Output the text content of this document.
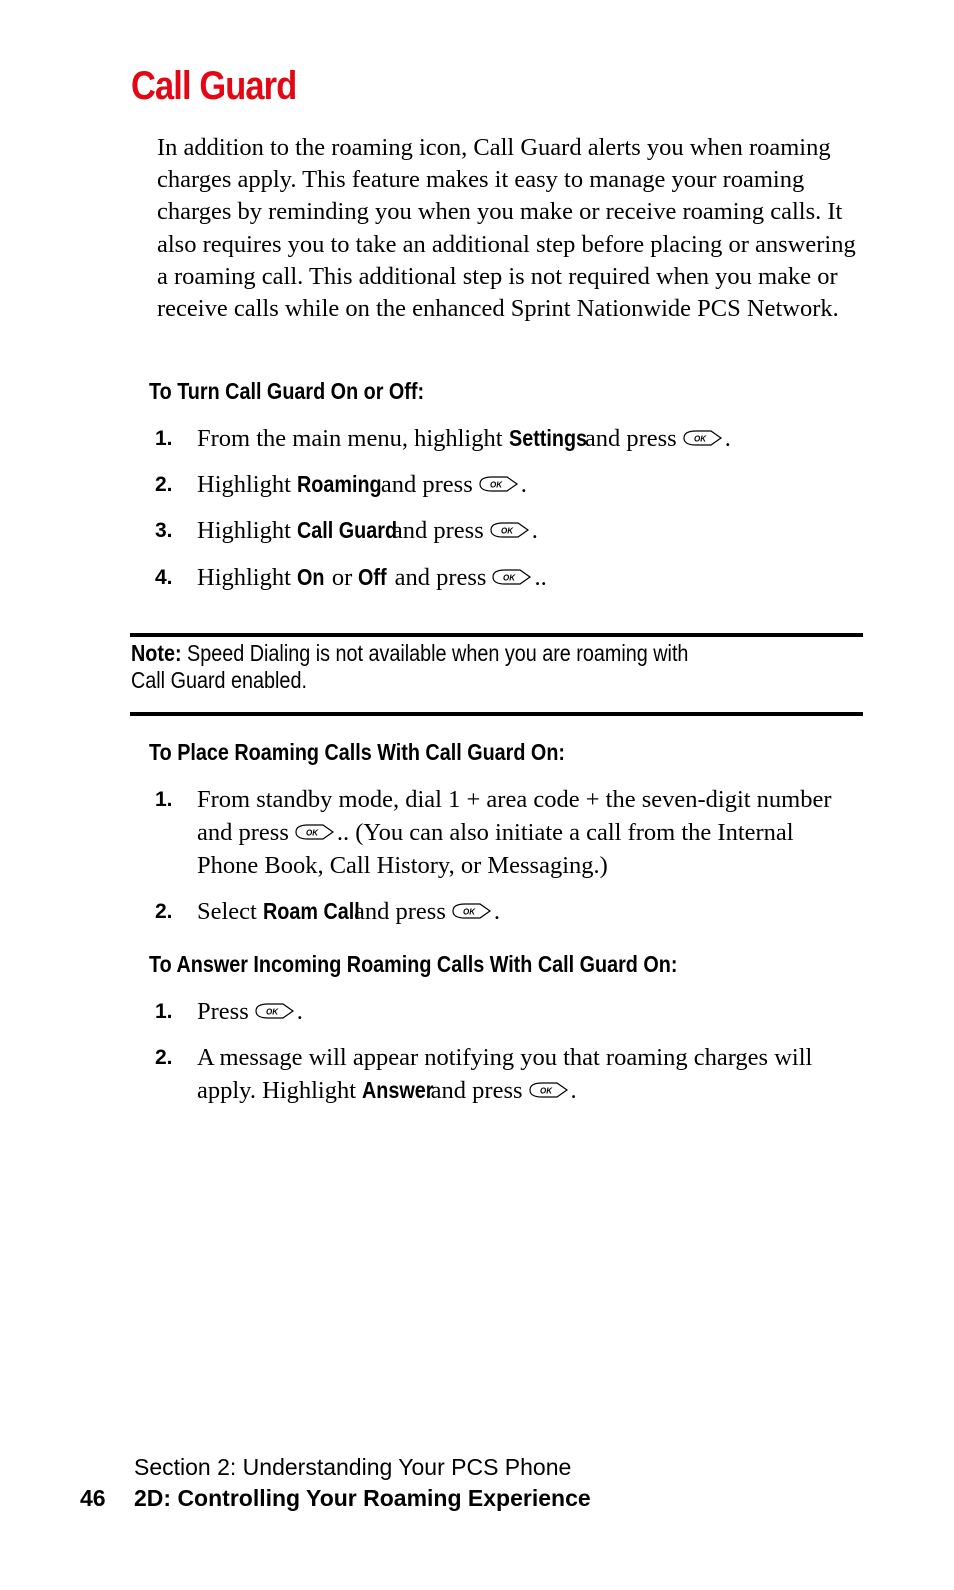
Call Guard

In addition to the roaming icon, Call Guard alerts you when roaming charges apply. This feature makes it easy to manage your roaming charges by reminding you when you make or receive roaming calls. It also requires you to take an additional step before placing or answering a roaming call. This additional step is not required when you make or receive calls while on the enhanced Sprint Nationwide PCS Network.

To Turn Call Guard On or Off:
1. From the main menu, highlight Settings and press OK .
2. Highlight Roaming and press OK .
3. Highlight Call Guard and press OK .
4. Highlight On or Off and press OK ..

Note: Speed Dialing is not available when you are roaming with
Call Guard enabled.

To Place Roaming Calls With Call Guard On:
1. From standby mode, dial 1 + area code + the seven-digit number and press OK .. (You can also initiate a call from the Internal Phone Book, Call History, or Messaging.)
2. Select Roam Call and press OK .
To Answer Incoming Roaming Calls With Call Guard On:
1. Press OK .
2. A message will appear notifying you that roaming charges will apply. Highlight Answer and press OK .
Section 2: Understanding Your PCS Phone
46 2D: Controlling Your Roaming Experience
